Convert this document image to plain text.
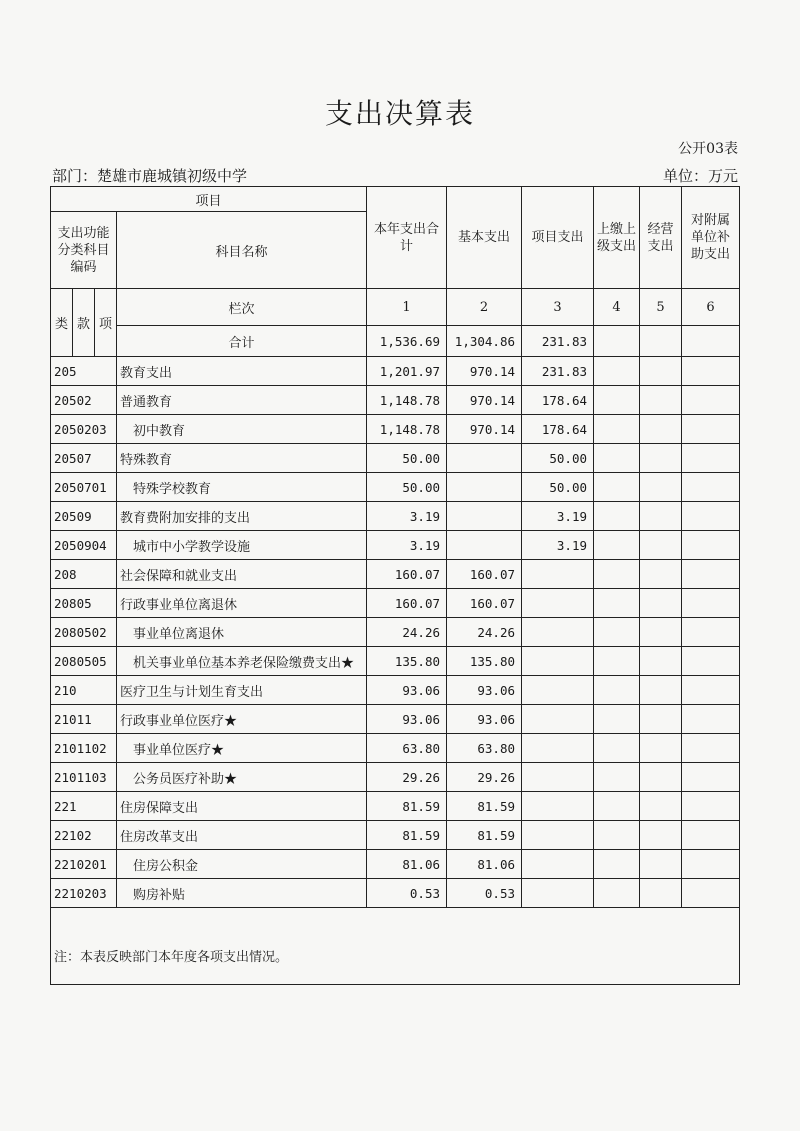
支出决算表
公开03表
部门：楚雄市鹿城镇初级中学	单位：万元
项目				本年支出合计	基本支出	项目支出	上缴上级支出	经营支出	对附属单位补助支出
支出功能分类科目编码			科目名称						
类	款	项	栏次	1	2	3	4	5	6
			合计	1,536.69	1,304.86	231.83			
205			教育支出	1,201.97	970.14	231.83			
20502			普通教育	1,148.78	970.14	178.64			
2050203			初中教育	1,148.78	970.14	178.64			
20507			特殊教育	50.00		50.00			
2050701			特殊学校教育	50.00		50.00			
20509			教育费附加安排的支出	3.19		3.19			
2050904			城市中小学教学设施	3.19		3.19			
208			社会保障和就业支出	160.07	160.07				
20805			行政事业单位离退休	160.07	160.07				
2080502			事业单位离退休	24.26	24.26				
2080505			机关事业单位基本养老保险缴费支出★	135.80	135.80				
210			医疗卫生与计划生育支出	93.06	93.06				
21011			行政事业单位医疗★	93.06	93.06				
2101102			事业单位医疗★	63.80	63.80				
2101103			公务员医疗补助★	29.26	29.26				
221			住房保障支出	81.59	81.59				
22102			住房改革支出	81.59	81.59				
2210201			住房公积金	81.06	81.06				
2210203			购房补贴	0.53	0.53				
注：本表反映部门本年度各项支出情况。									
